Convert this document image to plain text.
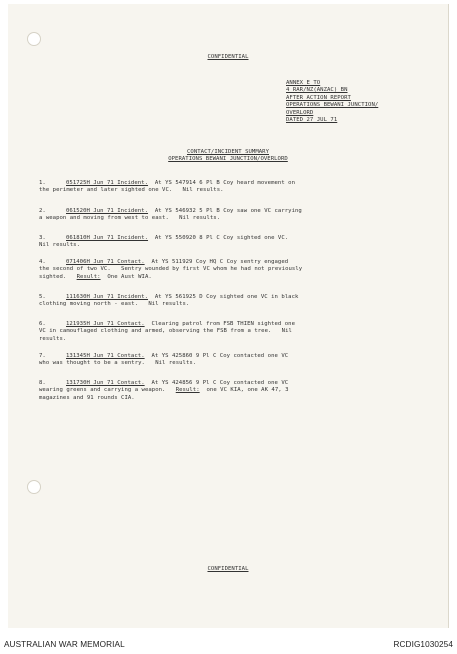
CONFIDENTIAL
ANNEX E TO
4 RAR/NZ(ANZAC) BN
AFTER ACTION REPORT
OPERATIONS BEWANI JUNCTION/
OVERLORD
DATED 27 JUL 71
CONTACT/INCIDENT SUMMARY
OPERATIONS BEWANI JUNCTION/OVERLORD
1.	051725H Jun 71 Incident.  At YS 547914 6 Pl B Coy heard movement on
the perimeter and later sighted one VC.   Nil results.
2.	061520H Jun 71 Incident.  At YS 546932 5 Pl B Coy saw one VC carrying
a weapon and moving from west to east.   Nil results.
3.	061810H Jun 71 Incident.  At YS 550920 8 Pl C Coy sighted one VC.
Nil results.
4.	071406H Jun 71 Contact.  At YS 511929 Coy HQ C Coy sentry engaged
the second of two VC.   Sentry wounded by first VC whom he had not previously
sighted.   Result:  One Aust WIA.
5.	111630H Jun 71 Incident.  At YS 561925 D Coy sighted one VC in black
clothing moving north - east.   Nil results.
6.	121935H Jun 71 Contact.  Clearing patrol from FSB THIEN sighted one
VC in camouflaged clothing and armed, observing the FSB from a tree.   Nil
results.
7.	131345H Jun 71 Contact.  At YS 425860 9 Pl C Coy contacted one VC
who was thought to be a sentry.   Nil results.
8.	131730H Jun 71 Contact.  At YS 424856 9 Pl C Coy contacted one VC
wearing greens and carrying a weapon.   Result:  one VC KIA, one AK 47, 3
magazines and 91 rounds CIA.
CONFIDENTIAL
AUSTRALIAN WAR MEMORIAL	RCDIG1030254
